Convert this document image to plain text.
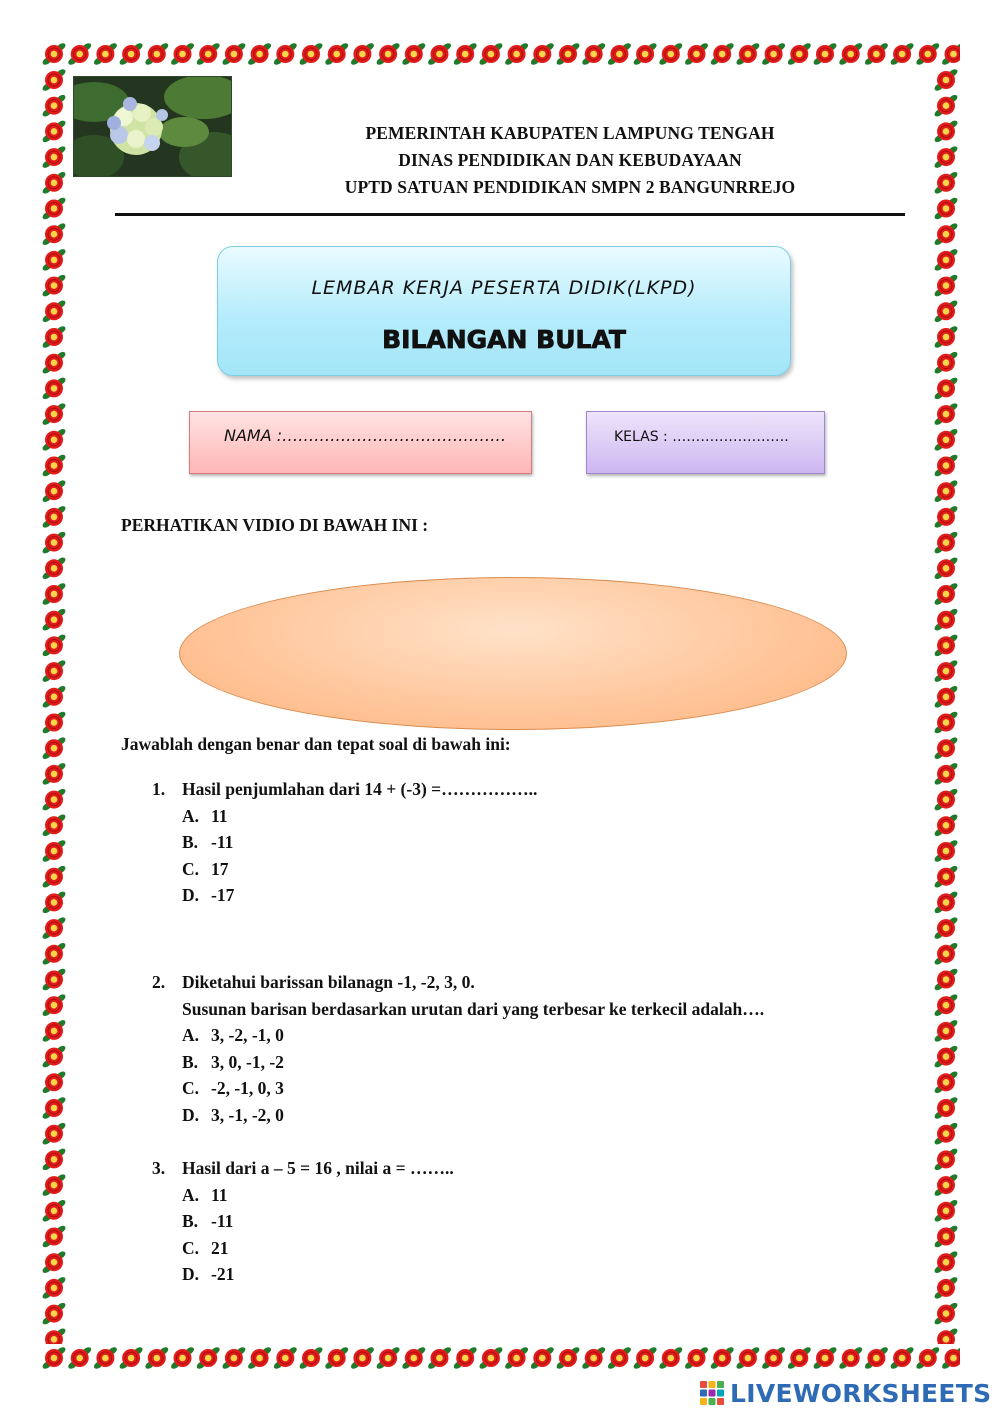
PEMERINTAH KABUPATEN LAMPUNG TENGAH
DINAS PENDIDIKAN DAN KEBUDAYAAN
UPTD SATUAN PENDIDIKAN SMPN 2 BANGUNRREJO
LEMBAR KERJA PESERTA DIDIK(LKPD)
BILANGAN BULAT
NAMA :……………………………………	KELAS : …………………….
PERHATIKAN VIDIO DI BAWAH INI :
Jawablah dengan benar dan tepat soal di bawah ini:
1. Hasil penjumlahan dari 14 + (-3) =……………..
A. 11
B. -11
C. 17
D. -17
2. Diketahui barissan bilanagn -1, -2, 3, 0.
Susunan barisan berdasarkan urutan dari yang terbesar ke terkecil adalah….
A. 3, -2, -1, 0
B. 3, 0, -1, -2
C. -2, -1, 0, 3
D. 3, -1, -2, 0
3. Hasil dari a – 5 = 16 , nilai a = ……..
A. 11
B. -11
C. 21
D. -21
LIVEWORKSHEETS
